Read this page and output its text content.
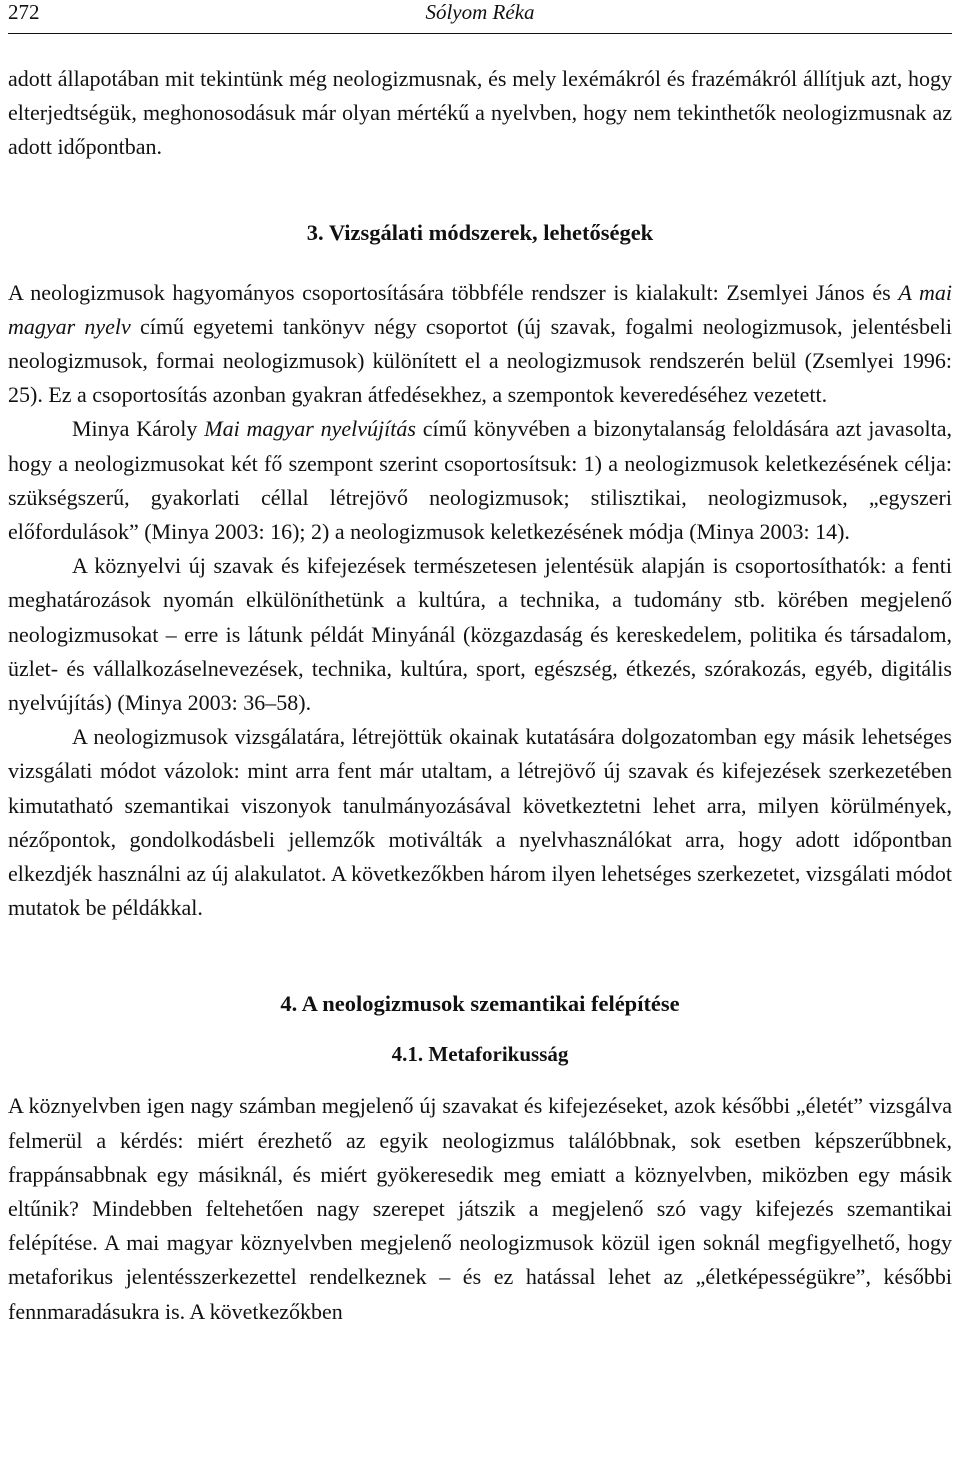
272	Sólyom Réka

adott állapotában mit tekintünk még neologizmusnak, és mely lexémákról és frazémákról állítjuk azt, hogy elterjedtségük, meghonosodásuk már olyan mértékű a nyelvben, hogy nem tekinthetők neologizmusnak az adott időpontban.

3. Vizsgálati módszerek, lehetőségek

A neologizmusok hagyományos csoportosítására többféle rendszer is kialakult: Zsemlyei János és A mai magyar nyelv című egyetemi tankönyv négy csoportot (új szavak, fogalmi neologizmusok, jelentésbeli neologizmusok, formai neologizmusok) különített el a neologizmusok rendszerén belül (Zsemlyei 1996: 25). Ez a csoportosítás azonban gyakran átfedésekhez, a szempontok keveredéséhez vezetett.

Minya Károly Mai magyar nyelvújítás című könyvében a bizonytalanság feloldására azt javasolta, hogy a neologizmusokat két fő szempont szerint csoportosítsuk: 1) a neologizmusok keletkezésének célja: szükségszerű, gyakorlati céllal létrejövő neologizmusok; stilisztikai, neologizmusok, „egyszeri előfordulások” (Minya 2003: 16); 2) a neologizmusok keletkezésének módja (Minya 2003: 14).

A köznyelvi új szavak és kifejezések természetesen jelentésük alapján is csoportosíthatók: a fenti meghatározások nyomán elkülöníthetünk a kultúra, a technika, a tudomány stb. körében megjelenő neologizmusokat – erre is látunk példát Minyánál (közgazdaság és kereskedelem, politika és társadalom, üzlet- és vállalkozáselnevezések, technika, kultúra, sport, egészség, étkezés, szórakozás, egyéb, digitális nyelvújítás) (Minya 2003: 36–58).

A neologizmusok vizsgálatára, létrejöttük okainak kutatására dolgozatomban egy másik lehetséges vizsgálati módot vázolok: mint arra fent már utaltam, a létrejövő új szavak és kifejezések szerkezetében kimutatható szemantikai viszonyok tanulmányozásával következtetni lehet arra, milyen körülmények, nézőpontok, gondolkodásbeli jellemzők motiválták a nyelvhasználókat arra, hogy adott időpontban elkezdjék használni az új alakulatot. A következőkben három ilyen lehetséges szerkezetet, vizsgálati módot mutatok be példákkal.

4. A neologizmusok szemantikai felépítése
4.1. Metaforikusság

A köznyelvben igen nagy számban megjelenő új szavakat és kifejezéseket, azok későbbi „életét” vizsgálva felmerül a kérdés: miért érezhető az egyik neologizmus találóbbnak, sok esetben képszerűbbnek, frappánsabbnak egy másiknál, és miért gyökeresedik meg emiatt a köznyelvben, miközben egy másik eltűnik? Mindebben feltehetően nagy szerepet játszik a megjelenő szó vagy kifejezés szemantikai felépítése. A mai magyar köznyelvben megjelenő neologizmusok közül igen soknál megfigyelhető, hogy metaforikus jelentésszerkezettel rendelkeznek – és ez hatással lehet az „életképességükre”, későbbi fennmaradásukra is. A következőkben
